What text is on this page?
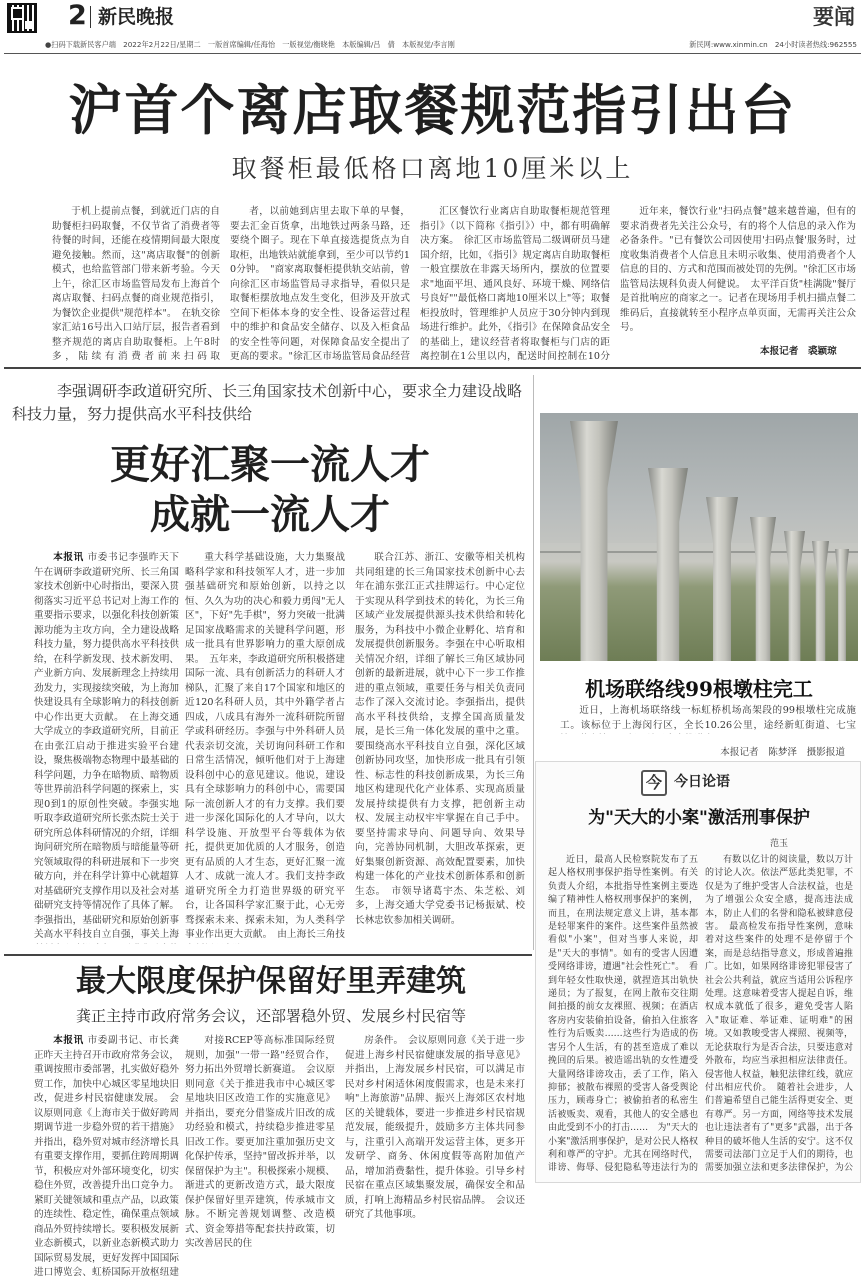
2 新民晚报	要闻
●扫码下载新民客户端　2022年2月22日/星期二　一版首席编辑/任海怡　一版视觉/衡晓艳　本版编辑/吕　倩　本版视觉/李言刚	新民网:www.xinmin.cn　24小时读者热线:962555
沪首个离店取餐规范指引出台
取餐柜最低格口离地10厘米以上

于机上提前点餐，到就近门店的自助餐柜扫码取餐，不仅节省了消费者等待餐的时间，还能在疫情期间最大限度避免接触。然而，这"离店取餐"的创新模式，也给监管部门带来新考验。今天上午，徐汇区市场监管局发布上海首个离店取餐、扫码点餐的商业规范指引，为餐饮企业提供"规范样本"。　在轨交徐家汇站16号出入口站厅层，报告者看到整齐规范的离店自助取餐柜。上午8时多，陆续有消费者前来扫码取

者，以前她到店里去取下单的早餐，要去汇金百货拿，出地铁过两条马路，还要绕个圈子。现在下单直接选提货点为自取柜，出地铁站就能拿到，至少可以节约10分钟。　"商家离取餐柜提供轨交站前，曾向徐汇区市场监管局寻求指导，看似只是取餐柜摆放地点发生变化，但涉及开放式空间下柜体本身的安全性、设备运营过程中的维护和食品安全储存、以及入柜食品的安全性等问题，对保障食品安全提出了更高的要求。"徐汇区市场监管局食品经营

汇区餐饮行业离店自助取餐柜规范管理指引》（以下简称《指引》）中，都有明确解决方案。　徐汇区市场监管局二级调研员马建国介绍，比如，《指引》规定离店自助取餐柜一般宜摆放在非露天场所内，摆放的位置要求"地面平坦、通风良好、环境干燥、网络信号良好""最低格口离地10厘米以上"等；取餐柜投放时，管理维护人员应于30分钟内到现场进行维护。此外，《指引》在保障食品安全的基础上，建议经营者将取餐柜与门店的距离控制在1公里以内，配送时间控制在10分

近年来，餐饮行业"扫码点餐"越来越普遍，但有的要求消费者先关注公众号，有的将个人信息的录入作为必备条件。"已有餐饮公司因使用'扫码点餐'服务时，过度收集消费者个人信息且未明示收集、使用消费者个人信息的目的、方式和范围而被处罚的先例。"徐汇区市场监管局法规科负责人何健说。　太平洋百货"桂满陇"餐厅是首批响应的商家之一。记者在现场用手机扫描点餐二维码后，直接就转至小程序点单页面，无需再关注公众号。

本报记者　裘颖琼
李强调研李政道研究所、长三角国家技术创新中心，要求全力建设战略科技力量，努力提供高水平科技供给
更好汇聚一流人才
成就一流人才

本报讯 市委书记李强昨天下午在调研李政道研究所、长三角国家技术创新中心时指出，要深入贯彻落实习近平总书记对上海工作的重要指示要求，以强化科技创新策源功能为主攻方向，全力建设战略科技力量，努力提供高水平科技供给，在科学新发现、技术新发明、产业新方向、发展新理念上持续用劲发力，实现接续突破，为上海加快建设具有全球影响力的科技创新中心作出更大贡献。　在上海交通大学成立的李政道研究所，目前正在由张江启动于推进实验平台建设，聚焦极端物态物理中最基础的科学问题，力争在暗物质、暗物质等世界前沿科学问题的探索上，实现0到1的原创性突破。李强实地听取李政道研究所长张杰院士关于研究所总体科研情况的介绍，详细询问研究所在暗物质与暗能量等研究领域取得的科研进展和下一步突破方向，并在科学计算中心就超算对基础研究支撑作用以及社会对基础研究支持等情况作了具体了解。李强指出，基础研究和原始创新事关高水平科技自立自强，事关上海

重大科学基础设施，大力集聚战略科学家和科技领军人才，进一步加强基础研究和原始创新，以持之以恒、久久为功的决心和毅力勇闯"无人区"，下好"先手棋"，努力突破一批满足国家战略需求的关键科学问题，形成一批具有世界影响力的重大原创成果。　五年来，李政道研究所积极搭建国际一流、具有创新活力的科研人才梯队，汇聚了来自17个国家和地区的近120名科研人员，其中外籍学者占四成，八成具有海外一流科研院所留学或科研经历。李强与中外科研人员代表亲切交流，关切询问科研工作和日常生活情况，倾听他们对于上海建设科创中心的意见建议。他说，建设具有全球影响力的科创中心，需要国际一流创新人才的有力支撑。我们要进一步深化国际化的人才导向，以大科学设施、开放型平台等载体为依托，提供更加优质的人才服务，创造更有品质的人才生态，更好汇聚一流人才、成就一流人才。我们支持李政道研究所全力打造世界级的研究平台，让各国科学家汇聚于此，心无旁骛探索未来、探索未知，为人类科学事业作出更大贡献。　由上海长三角技

联合江苏、浙江、安徽等相关机构共同组建的长三角国家技术创新中心去年在浦东张江正式挂牌运行。中心定位于实现从科学到技术的转化，为长三角区域产业发展提供源头技术供给和转化服务，为科技中小微企业孵化、培育和发展提供创新服务。李强在中心听取相关情况介绍，详细了解长三角区域协同创新的最新进展，就中心下一步工作推进的重点领域，重要任务与相关负责同志作了深入交流讨论。李强指出，提供高水平科技供给，支撑全国高质量发展，是长三角一体化发展的重中之重。要围绕高水平科技自立自强，深化区域创新协同攻坚，加快形成一批具有引领性、标志性的科技创新成果，为长三角地区构建现代化产业体系、实现高质量发展持续提供有力支撑，把创新主动权、发展主动权牢牢掌握在自己手中。要坚持需求导向、问题导向、效果导向，完善协同机制，大胆改革探索，更好集聚创新资源、高效配置要素，加快构建一体化的产业技术创新体系和创新生态。　市领导诸葛宇杰、朱芝松、刘多，上海交通大学党委书记杨振斌、校长林忠钦参加相关调研。

机场联络线99根墩柱完工

近日，上海机场联络线一标虹桥机场高架段的99根墩柱完成施工。该标位于上海闵行区，全长10.26公里，途经新虹街道、七宝

本报记者　陈梦泽　摄影报道
今 今日论语
为"天大的小案"激活刑事保护
范玉

近日，最高人民检察院发布了五起人格权刑事保护指导性案例。有关负责人介绍，本批指导性案例主要选编了精神性人格权刑事保护的案例，而且，在刑法规定意义上讲，基本都是轻罪案件的案件。这些案件虽然被看似"小案"，但对当事人来说，却是"天大的事情"。如有的受害人因遭受网络诽谤，遭遇"社会性死亡"。　看到年轻女性取快递，就捏造其出轨快递员；为了报复，在网上散布交往期间拍摄的前女友裸照、视频；在酒店客房内安装偷拍设备，偷拍入住旅客性行为后贩卖……这些行为造成的伤害另个人生活，有的甚至造成了难以挽回的后果。被造谣出轨的女性遭受大量网络诽谤攻击，丢了工作，陷入抑郁；被散布裸照的受害人备受舆论压力，顾毒身亡；被偷拍者的私密生活被贩卖、观看，其他人的安全感也由此受到不小的打击……　为"天大的小案"激活刑事保护，是对公民人格权利和尊严的守护。尤其在网络时代，诽谤、侮辱、侵犯隐私等违法行为的

有数以亿计的阅读量，数以万计的讨论人次。依法严惩此类犯罪，不仅是为了维护受害人合法权益，也是为了增强公众安全感，提高违法成本，防止人们的名誉和隐私被肆意侵害。　最高检发布指导性案例，意味着对这些案件的处理不是停留于个案，而是总结指导意义，形成普遍推广。比如，如果网络诽谤犯罪侵害了社会公共利益，就应当适用公诉程序处理。这意味着受害人提起自诉，维权成本就低了很多，避免受害人陷入"取证难、举证难、证明难"的困境。又如教唆受害人裸照、视频等，无论获取行为是否合法，只要违意对外散布，均应当承担相应法律责任。侵害他人权益，触犯法律红线，就应付出相应代价。　随着社会进步，人们普遍希望自己能生活得更安全、更有尊严。另一方面，网络等技术发展也让违法者有了"更多"武器，出于各种目的破坏他人生活的安宁。这不仅需要司法部门立足于人们的期待，也需要加强立法和更多法律保护，为公

最大限度保护保留好里弄建筑
龚正主持市政府常务会议，还部署稳外贸、发展乡村民宿等

本报讯 市委副书记、市长龚正昨天主持召开市政府常务会议，重调按照市委部署，扎实做好稳外贸工作，加快中心城区零星地块旧改，促进乡村民宿健康发展。　会议原则同意《上海市关于做好跨周期调节进一步稳外贸的若干措施》并指出，稳外贸对城市经济增长具有重要支撑作用，要抓住跨周期调节，积极应对外部环境变化，切实稳住外贸，改善提升出口竞争力。紧盯关键领域和重点产品，以政策的连续性、稳定性，确保重点领域商品外贸持续增长。要积极发展新业态新模式，以新业态新模式助力国际贸易发展，更好发挥中国国际进口博览会、虹桥国际开放枢纽建

对接RCEP等高标准国际经贸规则，加强"一带一路"经贸合作，努力拓出外贸增长新赛道。　会议原则同意《关于推进我市中心城区零星地块旧区改造工作的实施意见》并指出，要充分借鉴成片旧改的成功经验和模式，持续稳步推进零星旧改工作。要更加注重加强历史文化保护传承，坚持"留改拆并举，以保留保护为主"。积极探索小规模、渐进式的更新改造方式，最大限度保护保留好里弄建筑，传承城市文脉。不断完善规划调整、改造模式、资金筹措等配套扶持政策，切实改善居民的住

房条件。　会议原则同意《关于进一步促进上海乡村民宿健康发展的指导意见》并指出，上海发展乡村民宿，可以满足市民对乡村闲适休闲度假需求，也是未来打响"上海旅游"品牌、振兴上海郊区农村地区的关键载体，要进一步推进乡村民宿规范发展，能级提升，鼓励多方主体共同参与，注重引入高端开发运营主体，更多开发研学、商务、休闲度假等高附加值产品，增加消费黏性，提升体验。引导乡村民宿在重点区域集聚发展，确保安全和品质，打响上海精品乡村民宿品牌。　会议还研究了其他事项。
